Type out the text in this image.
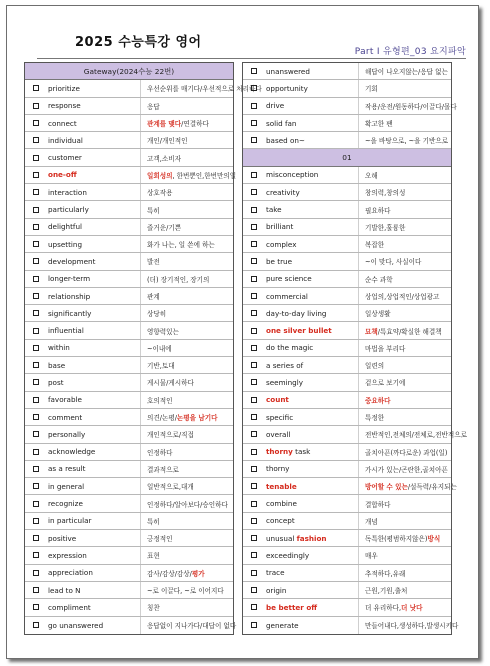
2025 수능특강 영어
Part I 유형편_03 요지파악
Gateway(2024수능 22번)
prioritize	우선순위를 매기다/우선적으로 처리하다
response	응답
connect	관계를 맺다 /연결하다
individual	개인/개인적인
customer	고객,소비자
one-off	일회성의 , 한번뿐인,한번만의일
interaction	상호작용
particularly	특히
delightful	즐거운/기쁜
upsetting	화가 나는, 일 쓴에 하는
development	발전
longer-term	(더) 장기적인, 장기의
relationship	관계
significantly	상당히
influential	영향력있는
within	~이내에
base	기반,토대
post	게시물/게시하다
favorable	호의적인
comment	의견/논평/ 논평을 남기다
personally	개인적으로/직접
acknowledge	인정하다
as a result	결과적으로
in general	일반적으로,대개
recognize	인정하다/알아보다/승인하다
in particular	특히
positive	긍정적인
expression	표현
appreciation	감사/감상/감상/ 평가
lead to N	~로 이끌다, ~로 이어지다
compliment	칭찬
go unanswered	응답없이 지나가다/대답이 없다
unanswered	해답이 나오지않는/응답 없는
opportunity	기회
drive	작용/운전/원동하다/이끌다/몰다
solid fan	확고한 팬
based on~	~을 바탕으로, ~을 기반으로
01
misconception	오해
creativity	창의력,창의성
take	필요하다
brilliant	기발한,훌륭한
complex	복잡한
be true	~이 맞다, 사실이다
pure science	순수 과학
commercial	상업의,상업적인/상업광고
day-to-day living	일상생활
one silver bullet	묘책 /특효약/확실한 해결책
do the magic	마법을 부리다
a series of	일련의
seemingly	겉으로 보기에
count	중요하다
specific	특정한
overall	전반적인,전체의/전체로,전반적으로
thorny task	골치아픈(까다로운) 과업(일)
thorny	가시가 있는/곤란한,골치아픈
tenable	방어할 수 있는 /설득력/유지되는
combine	결합하다
concept	개념
unusual fashion	독특한(평범하지않은) 방식
exceedingly	매우
trace	추적하다,유래
origin	근원,기원,출처
be better off	더 유리하다, 더 낫다
generate	만들어내다,생성하다,발생시키다
